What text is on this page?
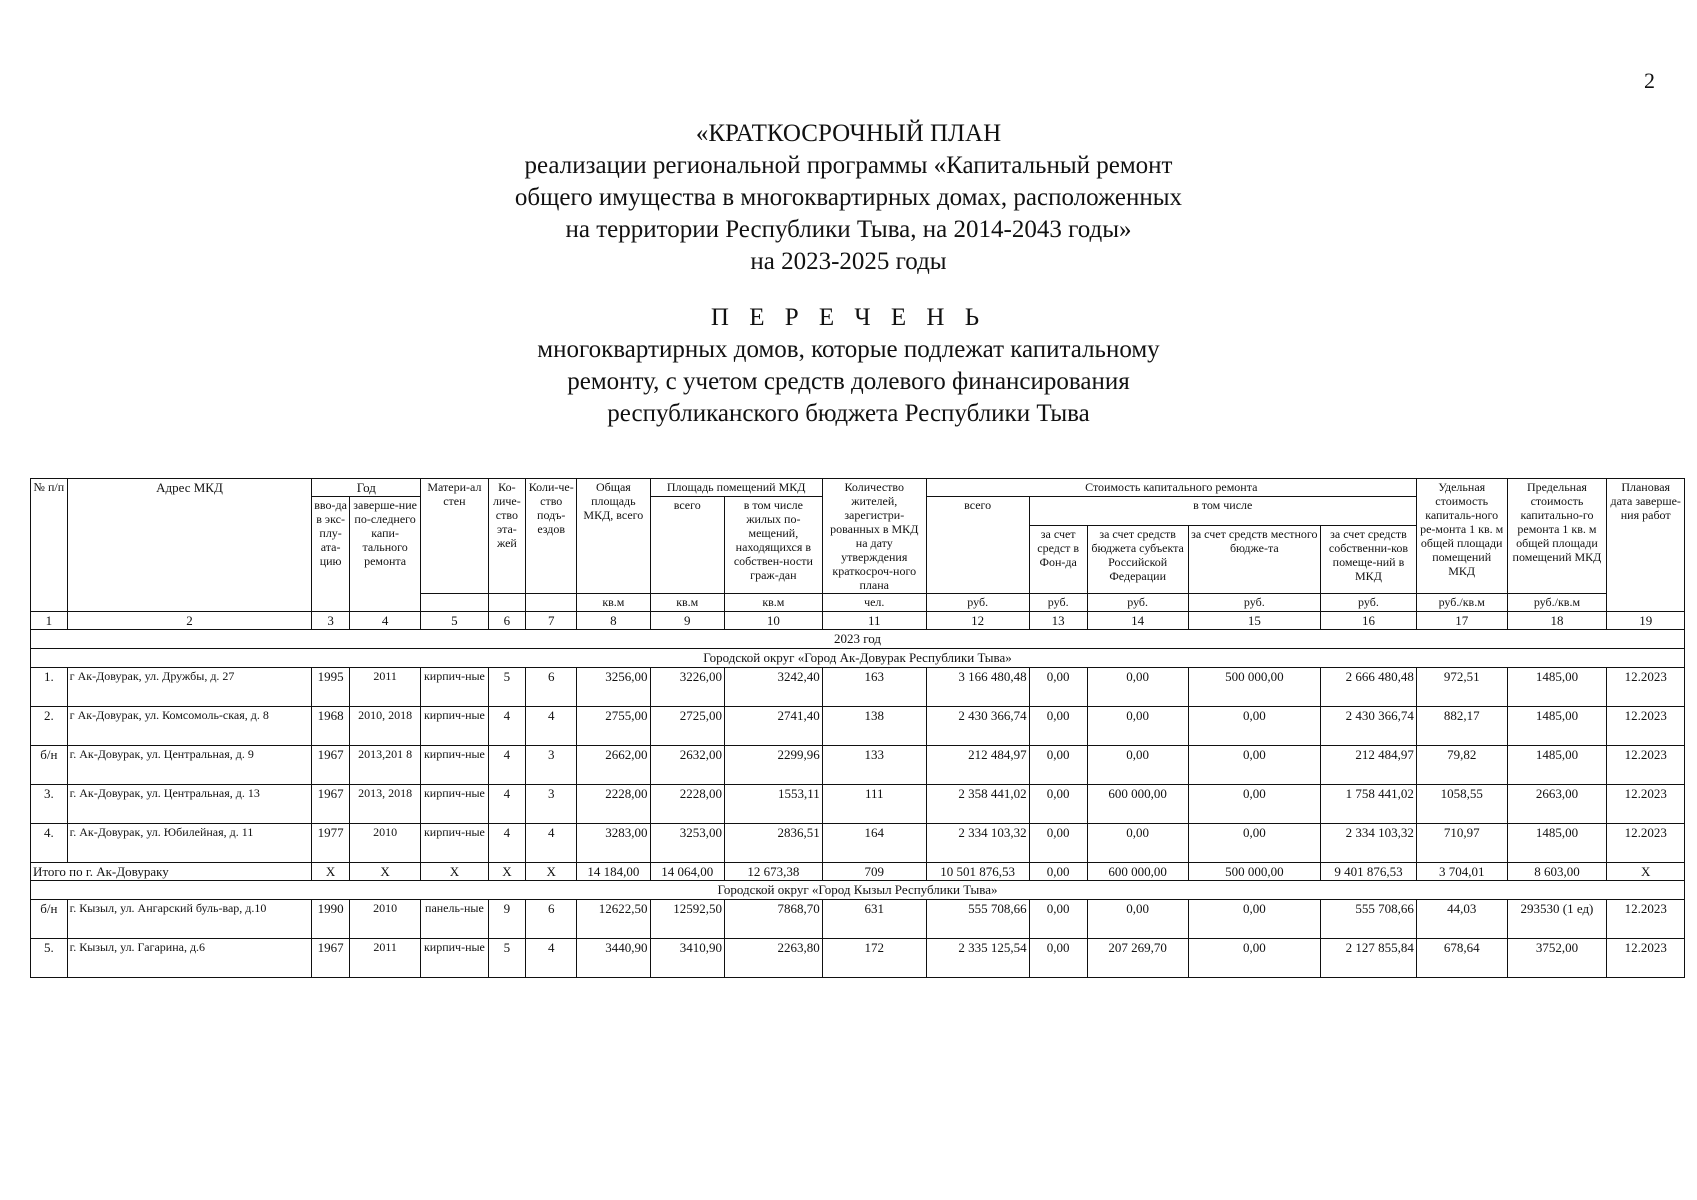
2
«КРАТКОСРОЧНЫЙ ПЛАН
реализации региональной программы «Капитальный ремонт
общего имущества в многоквартирных домах, расположенных
на территории Республики Тыва, на 2014-2043 годы»
на 2023-2025 годы
П Е Р Е Ч Е Н Ь
многоквартирных домов, которые подлежат капитальному
ремонту, с учетом средств долевого финансирования
республиканского бюджета Республики Тыва
№ п/п	Адрес МКД	Год		Матери-ал стен	Ко-личе-ство эта-жей	Коли-че-ство подъ-ездов	Общая площадь МКД, всего	Площадь помещений МКД		Количество жителей, зарегистри-рованных в МКД на дату утверждения краткосроч-ного плана	Стоимость капитального ремонта					Удельная стоимость капиталь-ного ре-монта 1 кв. м общей площади помещений МКД	Предельная стоимость капитально-го ремонта 1 кв. м общей площади помещений МКД	Плановая дата заверше-ния работ
		вво-да в экс-плу-ата-цию	заверше-ние по-следнего капи-тального ремонта					всего	в том числе жилых по-мещений, находящихся в собствен-ности граж-дан		всего	в том числе						
												за счет средст в Фон-да	за счет средств бюджета субъекта Российской Федерации	за счет средств местного бюдже-та	за счет средств собственни-ков помеще-ний в МКД			
							кв.м	кв.м	кв.м	чел.	руб.	руб.	руб.	руб.	руб.	руб./кв.м	руб./кв.м	
1	2	3	4	5	6	7	8	9	10	11	12	13	14	15	16	17	18	19
2023 год																		
Городской округ «Город Ак-Довурак Республики Тыва»																		
1.	г Ак-Довурак, ул. Дружбы, д. 27	1995	2011	кирпич-ные	5	6	3256,00	3226,00	3242,40	163	3 166 480,48	0,00	0,00	500 000,00	2 666 480,48	972,51	1485,00	12.2023
2.	г Ак-Довурак, ул. Комсомоль-ская, д. 8	1968	2010, 2018	кирпич-ные	4	4	2755,00	2725,00	2741,40	138	2 430 366,74	0,00	0,00	0,00	2 430 366,74	882,17	1485,00	12.2023
б/н	г. Ак-Довурак, ул. Центральная, д. 9	1967	2013,201 8	кирпич-ные	4	3	2662,00	2632,00	2299,96	133	212 484,97	0,00	0,00	0,00	212 484,97	79,82	1485,00	12.2023
3.	г. Ак-Довурак, ул. Центральная, д. 13	1967	2013, 2018	кирпич-ные	4	3	2228,00	2228,00	1553,11	111	2 358 441,02	0,00	600 000,00	0,00	1 758 441,02	1058,55	2663,00	12.2023
4.	г. Ак-Довурак, ул. Юбилейная, д. 11	1977	2010	кирпич-ные	4	4	3283,00	3253,00	2836,51	164	2 334 103,32	0,00	0,00	0,00	2 334 103,32	710,97	1485,00	12.2023
Итого по г. Ак-Довураку		X	X	X	X	X	14 184,00	14 064,00	12 673,38	709	10 501 876,53	0,00	600 000,00	500 000,00	9 401 876,53	3 704,01	8 603,00	X
Городской округ «Город Кызыл Республики Тыва»																		
б/н	г. Кызыл, ул. Ангарский буль-вар, д.10	1990	2010	панель-ные	9	6	12622,50	12592,50	7868,70	631	555 708,66	0,00	0,00	0,00	555 708,66	44,03	293530 (1 ед)	12.2023
5.	г. Кызыл, ул. Гагарина, д.6	1967	2011	кирпич-ные	5	4	3440,90	3410,90	2263,80	172	2 335 125,54	0,00	207 269,70	0,00	2 127 855,84	678,64	3752,00	12.2023
